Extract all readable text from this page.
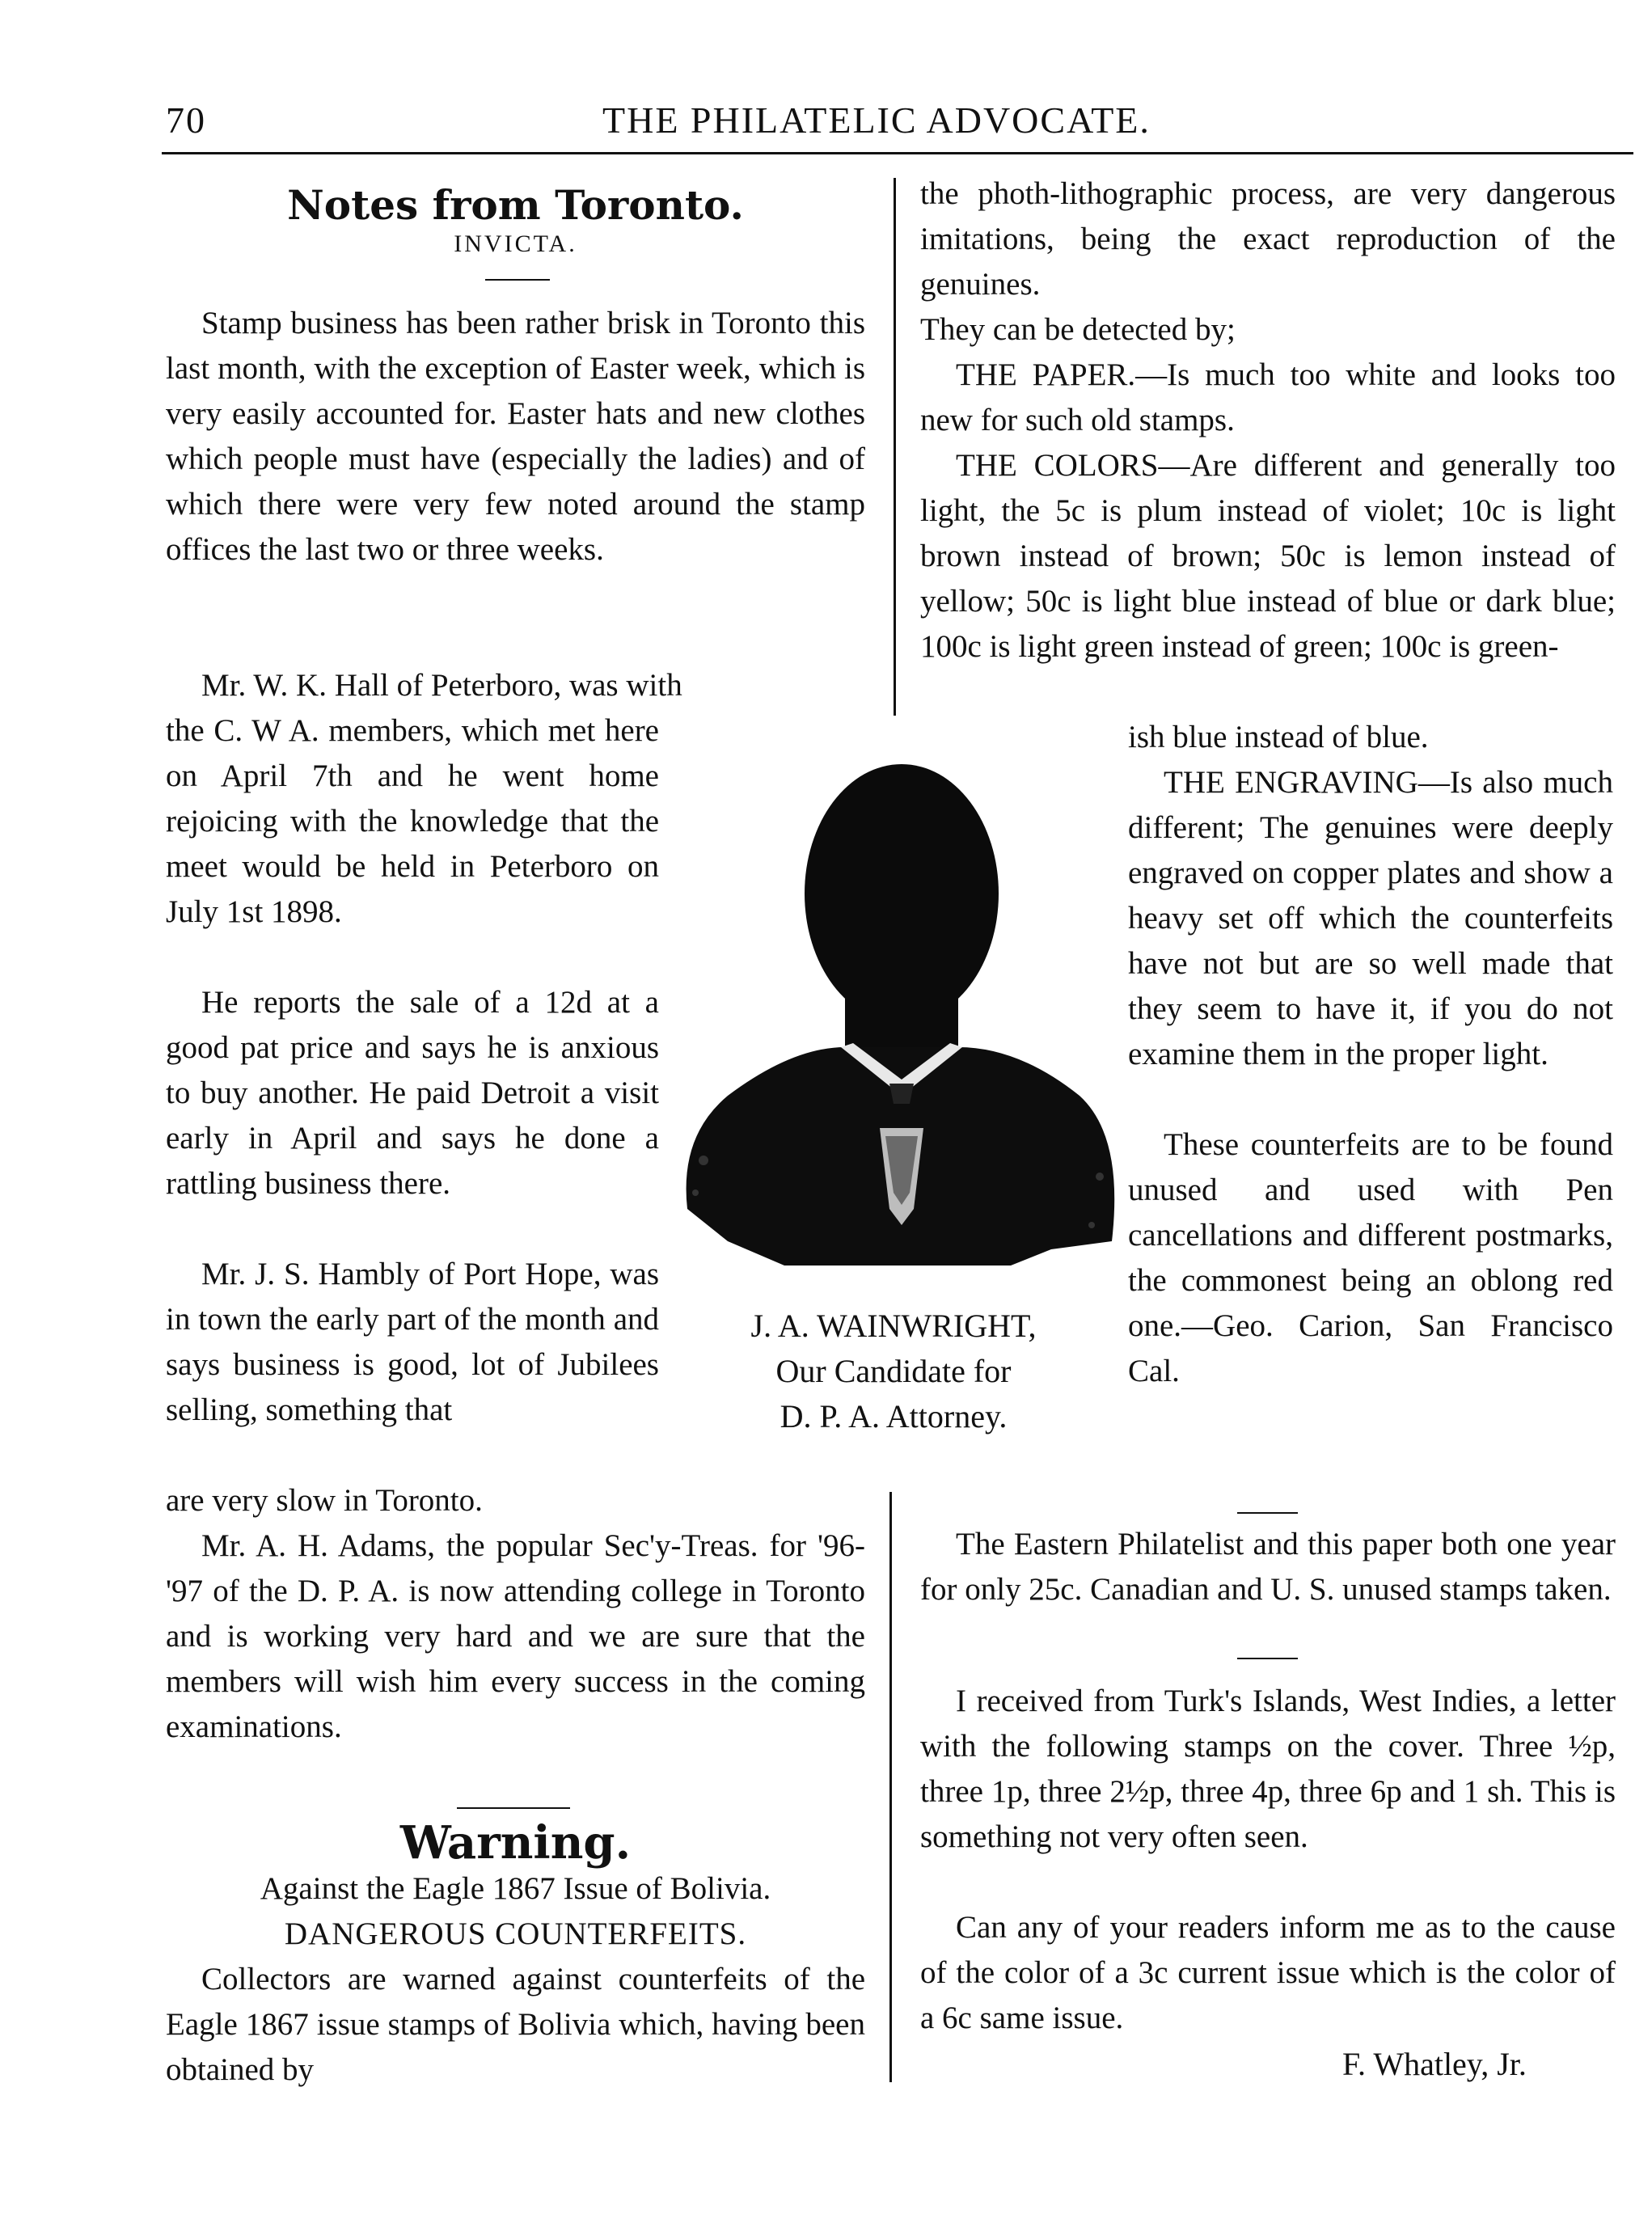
70	THE PHILATELIC ADVOCATE.
Notes from Toronto.
INVICTA.
Stamp business has been rather brisk in Toronto this last month, with the exception of Easter week, which is very easily accounted for. Easter hats and new clothes which people must have (especially the ladies) and of which there were very few noted around the stamp offices the last two or three weeks.
Mr. W. K. Hall of Peterboro, was with
the C. W A. members, which met here on April 7th and he went home rejoicing with the knowledge that the meet would be held in Peterboro on July 1st 1898.
He reports the sale of a 12d at a good pat price and says he is anxious to buy another. He paid Detroit a visit early in April and says he done a rattling business there.
Mr. J. S. Hambly of Port Hope, was in town the early part of the month and says business is good, lot of Jubilees selling, something that
are very slow in Toronto.
Mr. A. H. Adams, the popular Sec'y-Treas. for '96-'97 of the D. P. A. is now attending college in Toronto and is working very hard and we are sure that the members will wish him every success in the coming examinations.
Warning.
Against the Eagle 1867 Issue of Bolivia.
DANGEROUS COUNTERFEITS.
Collectors are warned against counterfeits of the Eagle 1867 issue stamps of Bolivia which, having been obtained by
the photh-lithographic process, are very dangerous imitations, being the exact reproduction of the genuines.
They can be detected by;
THE PAPER.—Is much too white and looks too new for such old stamps.
THE COLORS—Are different and generally too light, the 5c is plum instead of violet; 10c is light brown instead of brown; 50c is lemon instead of yellow; 50c is light blue instead of blue or dark blue; 100c is light green instead of green; 100c is green-
ish blue instead of blue.
THE ENGRAVING—Is also much different; The genuines were deeply engraved on copper plates and show a heavy set off which the counterfeits have not but are so well made that they seem to have it, if you do not examine them in the proper light.
These counterfeits are to be found unused and used with Pen cancellations and different postmarks, the commonest being an oblong red one.—Geo. Carion, San Francisco Cal.
J. A. WAINWRIGHT,
Our Candidate for
D. P. A. Attorney.
The Eastern Philatelist and this paper both one year for only 25c. Canadian and U. S. unused stamps taken.
I received from Turk's Islands, West Indies, a letter with the following stamps on the cover. Three ½p, three 1p, three 2½p, three 4p, three 6p and 1 sh. This is something not very often seen.
Can any of your readers inform me as to the cause of the color of a 3c current issue which is the color of a 6c same issue.
F. Whatley, Jr.
